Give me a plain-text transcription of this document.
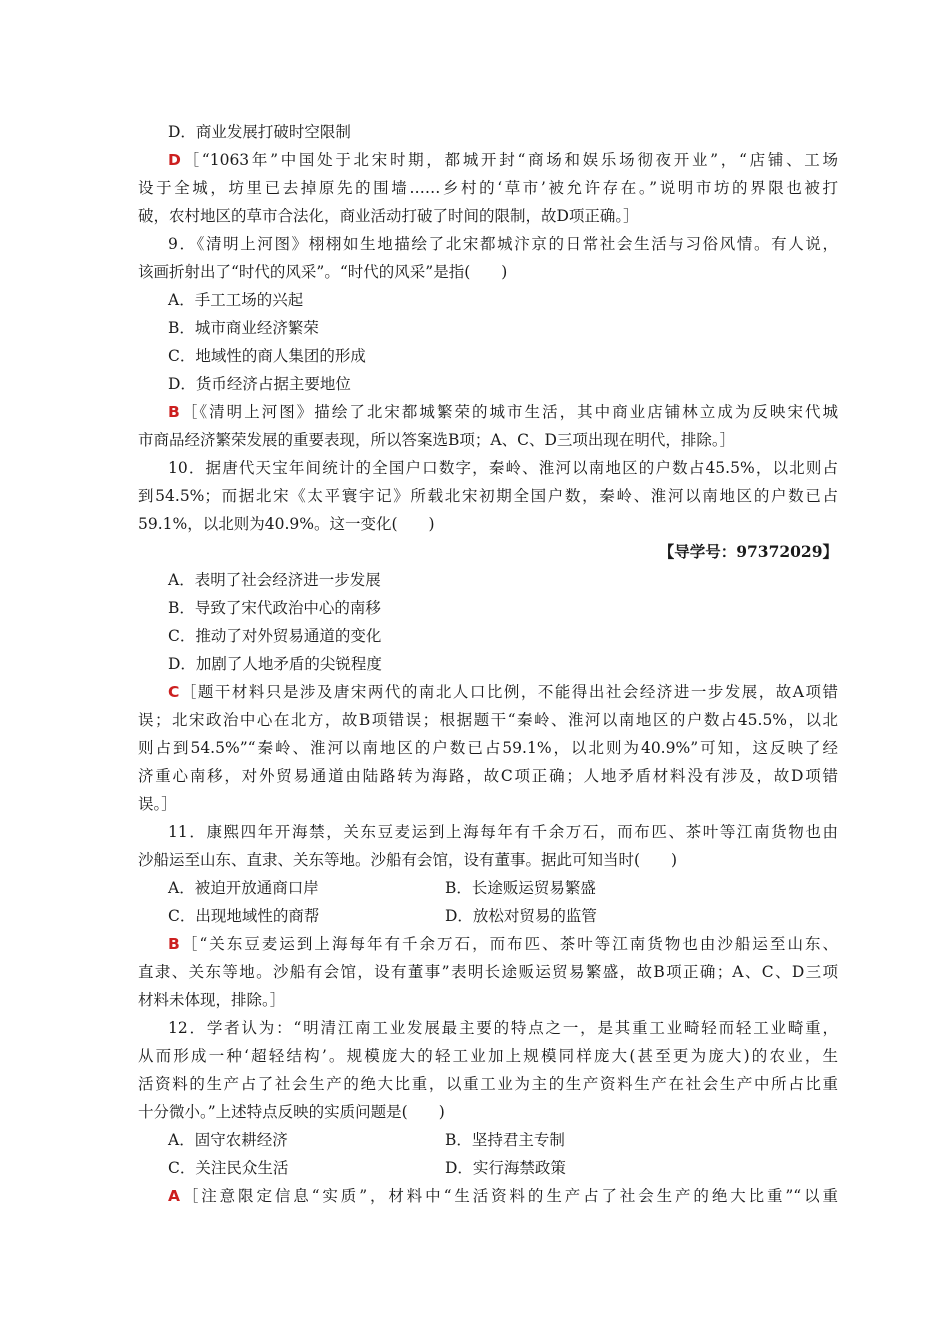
D．商业发展打破时空限制
D［“1063年”中国处于北宋时期，都城开封“商场和娱乐场彻夜开业”，“店铺、工场
设于全城，坊里已去掉原先的围墙……乡村的‘草市’被允许存在。”说明市坊的界限也被打
破，农村地区的草市合法化，商业活动打破了时间的限制，故D项正确。］
9．《清明上河图》栩栩如生地描绘了北宋都城汴京的日常社会生活与习俗风情。有人说，
该画折射出了“时代的风采”。“时代的风采”是指(　　)
A．手工工场的兴起
B．城市商业经济繁荣
C．地域性的商人集团的形成
D．货币经济占据主要地位
B［《清明上河图》描绘了北宋都城繁荣的城市生活，其中商业店铺林立成为反映宋代城
市商品经济繁荣发展的重要表现，所以答案选B项；A、C、D三项出现在明代，排除。］
10．据唐代天宝年间统计的全国户口数字，秦岭、淮河以南地区的户数占45.5%，以北则占
到54.5%；而据北宋《太平寰宇记》所载北宋初期全国户数，秦岭、淮河以南地区的户数已占
59.1%，以北则为40.9%。这一变化(　　)
【导学号：97372029】
A．表明了社会经济进一步发展
B．导致了宋代政治中心的南移
C．推动了对外贸易通道的变化
D．加剧了人地矛盾的尖锐程度
C［题干材料只是涉及唐宋两代的南北人口比例，不能得出社会经济进一步发展，故A项错
误；北宋政治中心在北方，故B项错误；根据题干“秦岭、淮河以南地区的户数占45.5%，以北
则占到54.5%”“秦岭、淮河以南地区的户数已占59.1%，以北则为40.9%”可知，这反映了经
济重心南移，对外贸易通道由陆路转为海路，故C项正确；人地矛盾材料没有涉及，故D项错
误。］
11．康熙四年开海禁，关东豆麦运到上海每年有千余万石，而布匹、茶叶等江南货物也由
沙船运至山东、直隶、关东等地。沙船有会馆，设有董事。据此可知当时(　　)
A．被迫开放通商口岸	B．长途贩运贸易繁盛
C．出现地域性的商帮	D．放松对贸易的监管
B［“关东豆麦运到上海每年有千余万石，而布匹、茶叶等江南货物也由沙船运至山东、
直隶、关东等地。沙船有会馆，设有董事”表明长途贩运贸易繁盛，故B项正确；A、C、D三项
材料未体现，排除。］
12．学者认为：“明清江南工业发展最主要的特点之一，是其重工业畸轻而轻工业畸重，
从而形成一种‘超轻结构’。规模庞大的轻工业加上规模同样庞大(甚至更为庞大)的农业，生
活资料的生产占了社会生产的绝大比重，以重工业为主的生产资料生产在社会生产中所占比重
十分微小。”上述特点反映的实质问题是(　　)
A．固守农耕经济	B．坚持君主专制
C．关注民众生活	D．实行海禁政策
A［注意限定信息“实质”，材料中“生活资料的生产占了社会生产的绝大比重”“以重
